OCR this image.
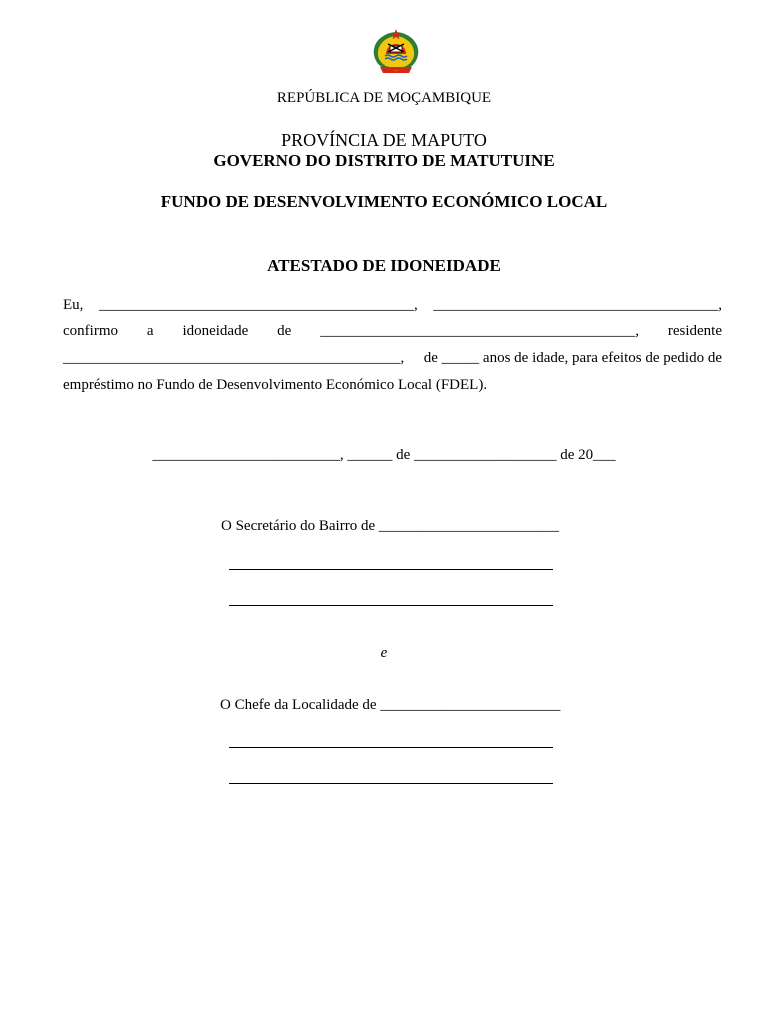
•••
REPÚBLICA DE MOÇAMBIQUE
PROVÍNCIA DE MAPUTO
GOVERNO DO DISTRITO DE MATUTUINE
FUNDO DE DESENVOLVIMENTO ECONÓMICO LOCAL
ATESTADO DE IDONEIDADE
Eu, __________________________________________, ______________________________________,
confirmo a idoneidade de __________________________________________, residente
_____________________________________________, de _____ anos de idade, para efeitos de pedido de
empréstimo no Fundo de Desenvolvimento Económico Local (FDEL).
_________________________, ______ de ___________________ de 20___
O Secretário do Bairro de ________________________
e
O Chefe da Localidade de ________________________
